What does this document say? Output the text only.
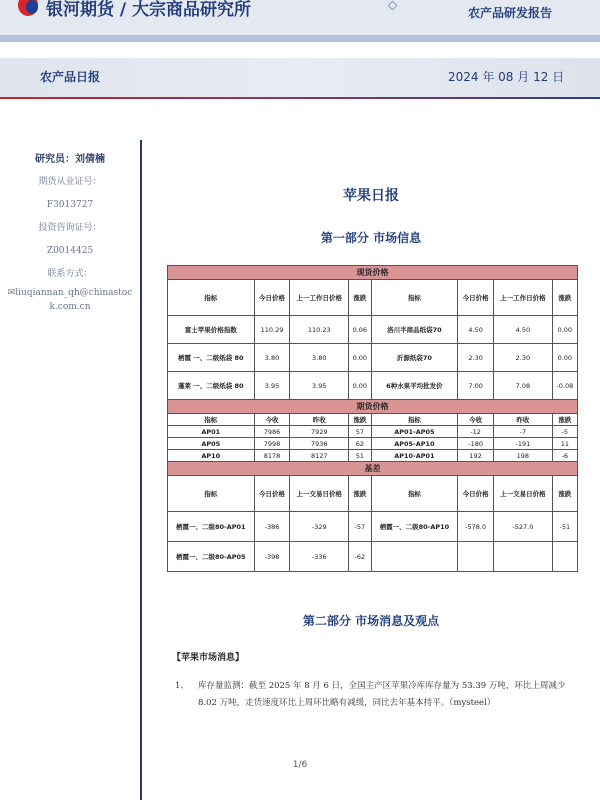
银河期货 / 大宗商品研究所	农产品研发报告
农产品日报	2024 年 08 月 12 日
研究员：刘倩楠
期货从业证号：
F3013727
投资咨询证号：
Z0014425
联系方式：
✉liuqiannan_qh@chinastock.com.cn
苹果日报
第一部分 市场信息
现货价格							
指标	今日价格	上一工作日价格	涨跌	指标	今日价格	上一工作日价格	涨跌
富士苹果价格指数	110.29	110.23	0.06	洛川半商品纸袋70	4.50	4.50	0.00
栖霞 一、二级纸袋 80	3.80	3.80	0.00	沂源纸袋70	2.30	2.30	0.00
蓬莱 一、二级纸袋 80	3.95	3.95	0.00	6种水果平均批发价	7.00	7.08	-0.08
期货价格							
指标	今收	昨收	涨跌	指标	今收	昨收	涨跌
AP01	7986	7929	57	AP01-AP05	-12	-7	-5
AP05	7998	7936	62	AP05-AP10	-180	-191	11
AP10	8178	8127	51	AP10-AP01	192	198	-6
基差							
指标	今日价格	上一交易日价格	涨跌	指标	今日价格	上一交易日价格	涨跌
栖霞一、二级80-AP01	-386	-329	-57	栖霞一、二级80-AP10	-578.0	-527.0	-51
栖霞一、二级80-AP05	-398	-336	-62				
第二部分 市场消息及观点
【苹果市场消息】
1、 库存量监测：截至 2025 年 8 月 6 日，全国主产区苹果冷库库存量为 53.39 万吨，环比上周减少 8.02 万吨，走货速度环比上周环比略有减缓，同比去年基本持平。（mysteel）
1/6
